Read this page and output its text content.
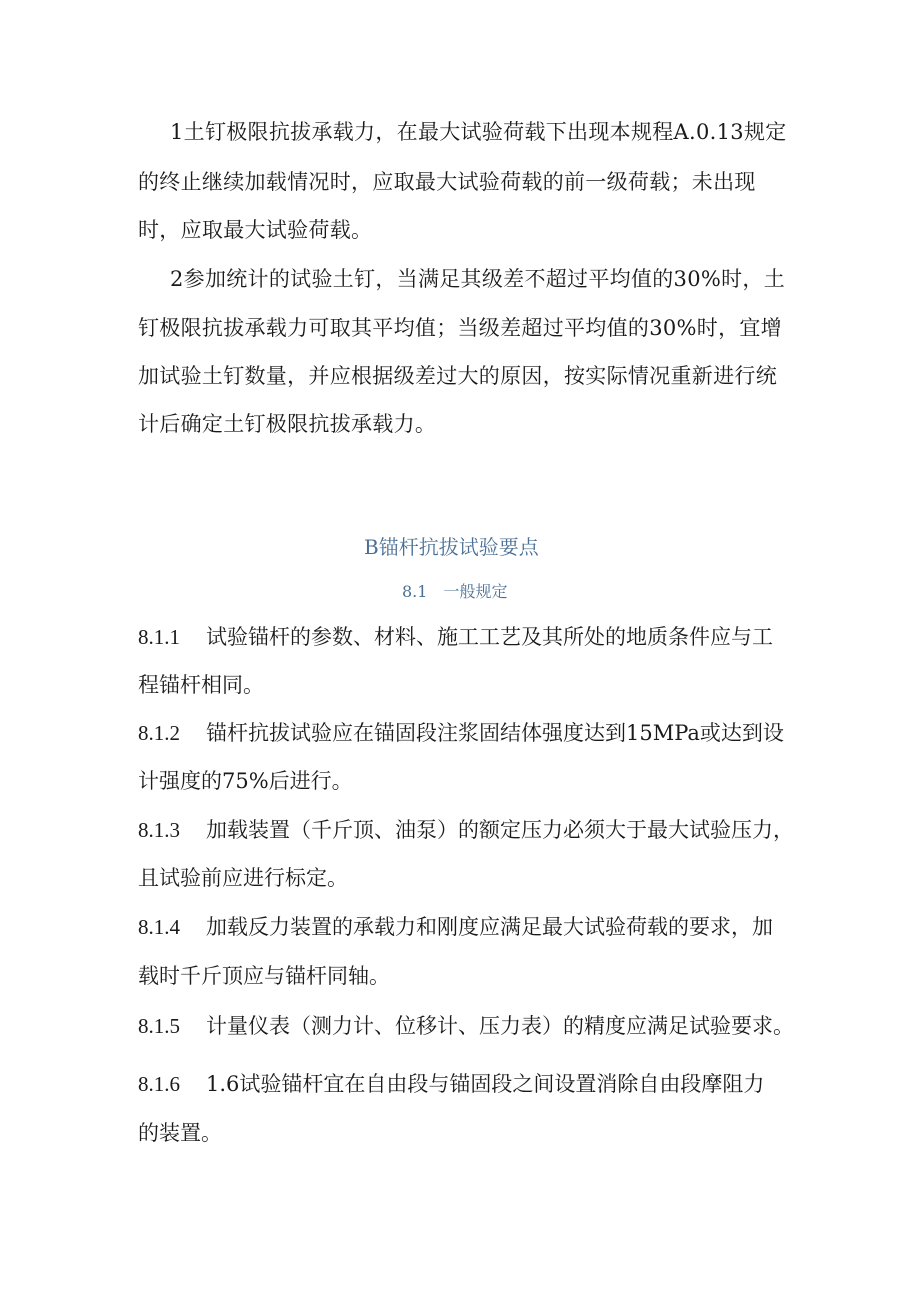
1土钉极限抗拔承载力，在最大试验荷载下出现本规程A.0.13规定
的终止继续加载情况时，应取最大试验荷载的前一级荷载；未出现
时，应取最大试验荷载。
2参加统计的试验土钉，当满足其级差不超过平均值的30%时，土
钉极限抗拔承载力可取其平均值；当级差超过平均值的30%时，宜增
加试验土钉数量，并应根据级差过大的原因，按实际情况重新进行统
计后确定土钉极限抗拔承载力。
B锚杆抗拔试验要点
8.1　一般规定
8.1.1 试验锚杆的参数、材料、施工工艺及其所处的地质条件应与工
程锚杆相同。
8.1.2 锚杆抗拔试验应在锚固段注浆固结体强度达到15MPa或达到设
计强度的75%后进行。
8.1.3 加载装置（千斤顶、油泵）的额定压力必须大于最大试验压力，
且试验前应进行标定。
8.1.4 加载反力装置的承载力和刚度应满足最大试验荷载的要求，加
载时千斤顶应与锚杆同轴。
8.1.5 计量仪表（测力计、位移计、压力表）的精度应满足试验要求。
8.1.6 1.6试验锚杆宜在自由段与锚固段之间设置消除自由段摩阻力
的装置。
